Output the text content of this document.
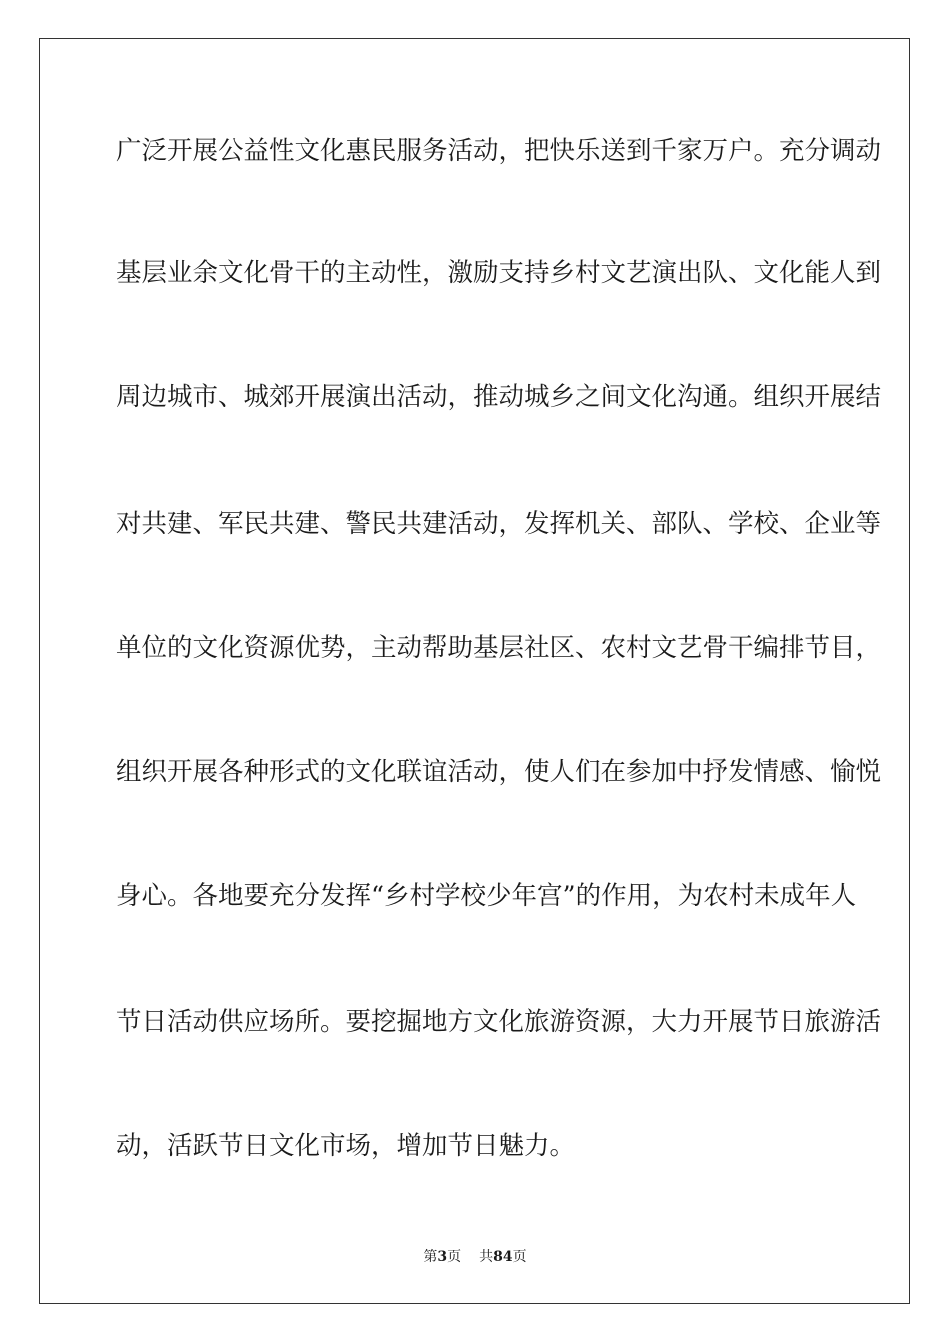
广泛开展公益性文化惠民服务活动，把快乐送到千家万户。充分调动
基层业余文化骨干的主动性，激励支持乡村文艺演出队、文化能人到
周边城市、城郊开展演出活动，推动城乡之间文化沟通。组织开展结
对共建、军民共建、警民共建活动，发挥机关、部队、学校、企业等
单位的文化资源优势，主动帮助基层社区、农村文艺骨干编排节目，
组织开展各种形式的文化联谊活动，使人们在参加中抒发情感、愉悦
身心。各地要充分发挥“乡村学校少年宫”的作用，为农村未成年人
节日活动供应场所。要挖掘地方文化旅游资源，大力开展节日旅游活
动，活跃节日文化市场，增加节日魅力。
第3页 共84页
